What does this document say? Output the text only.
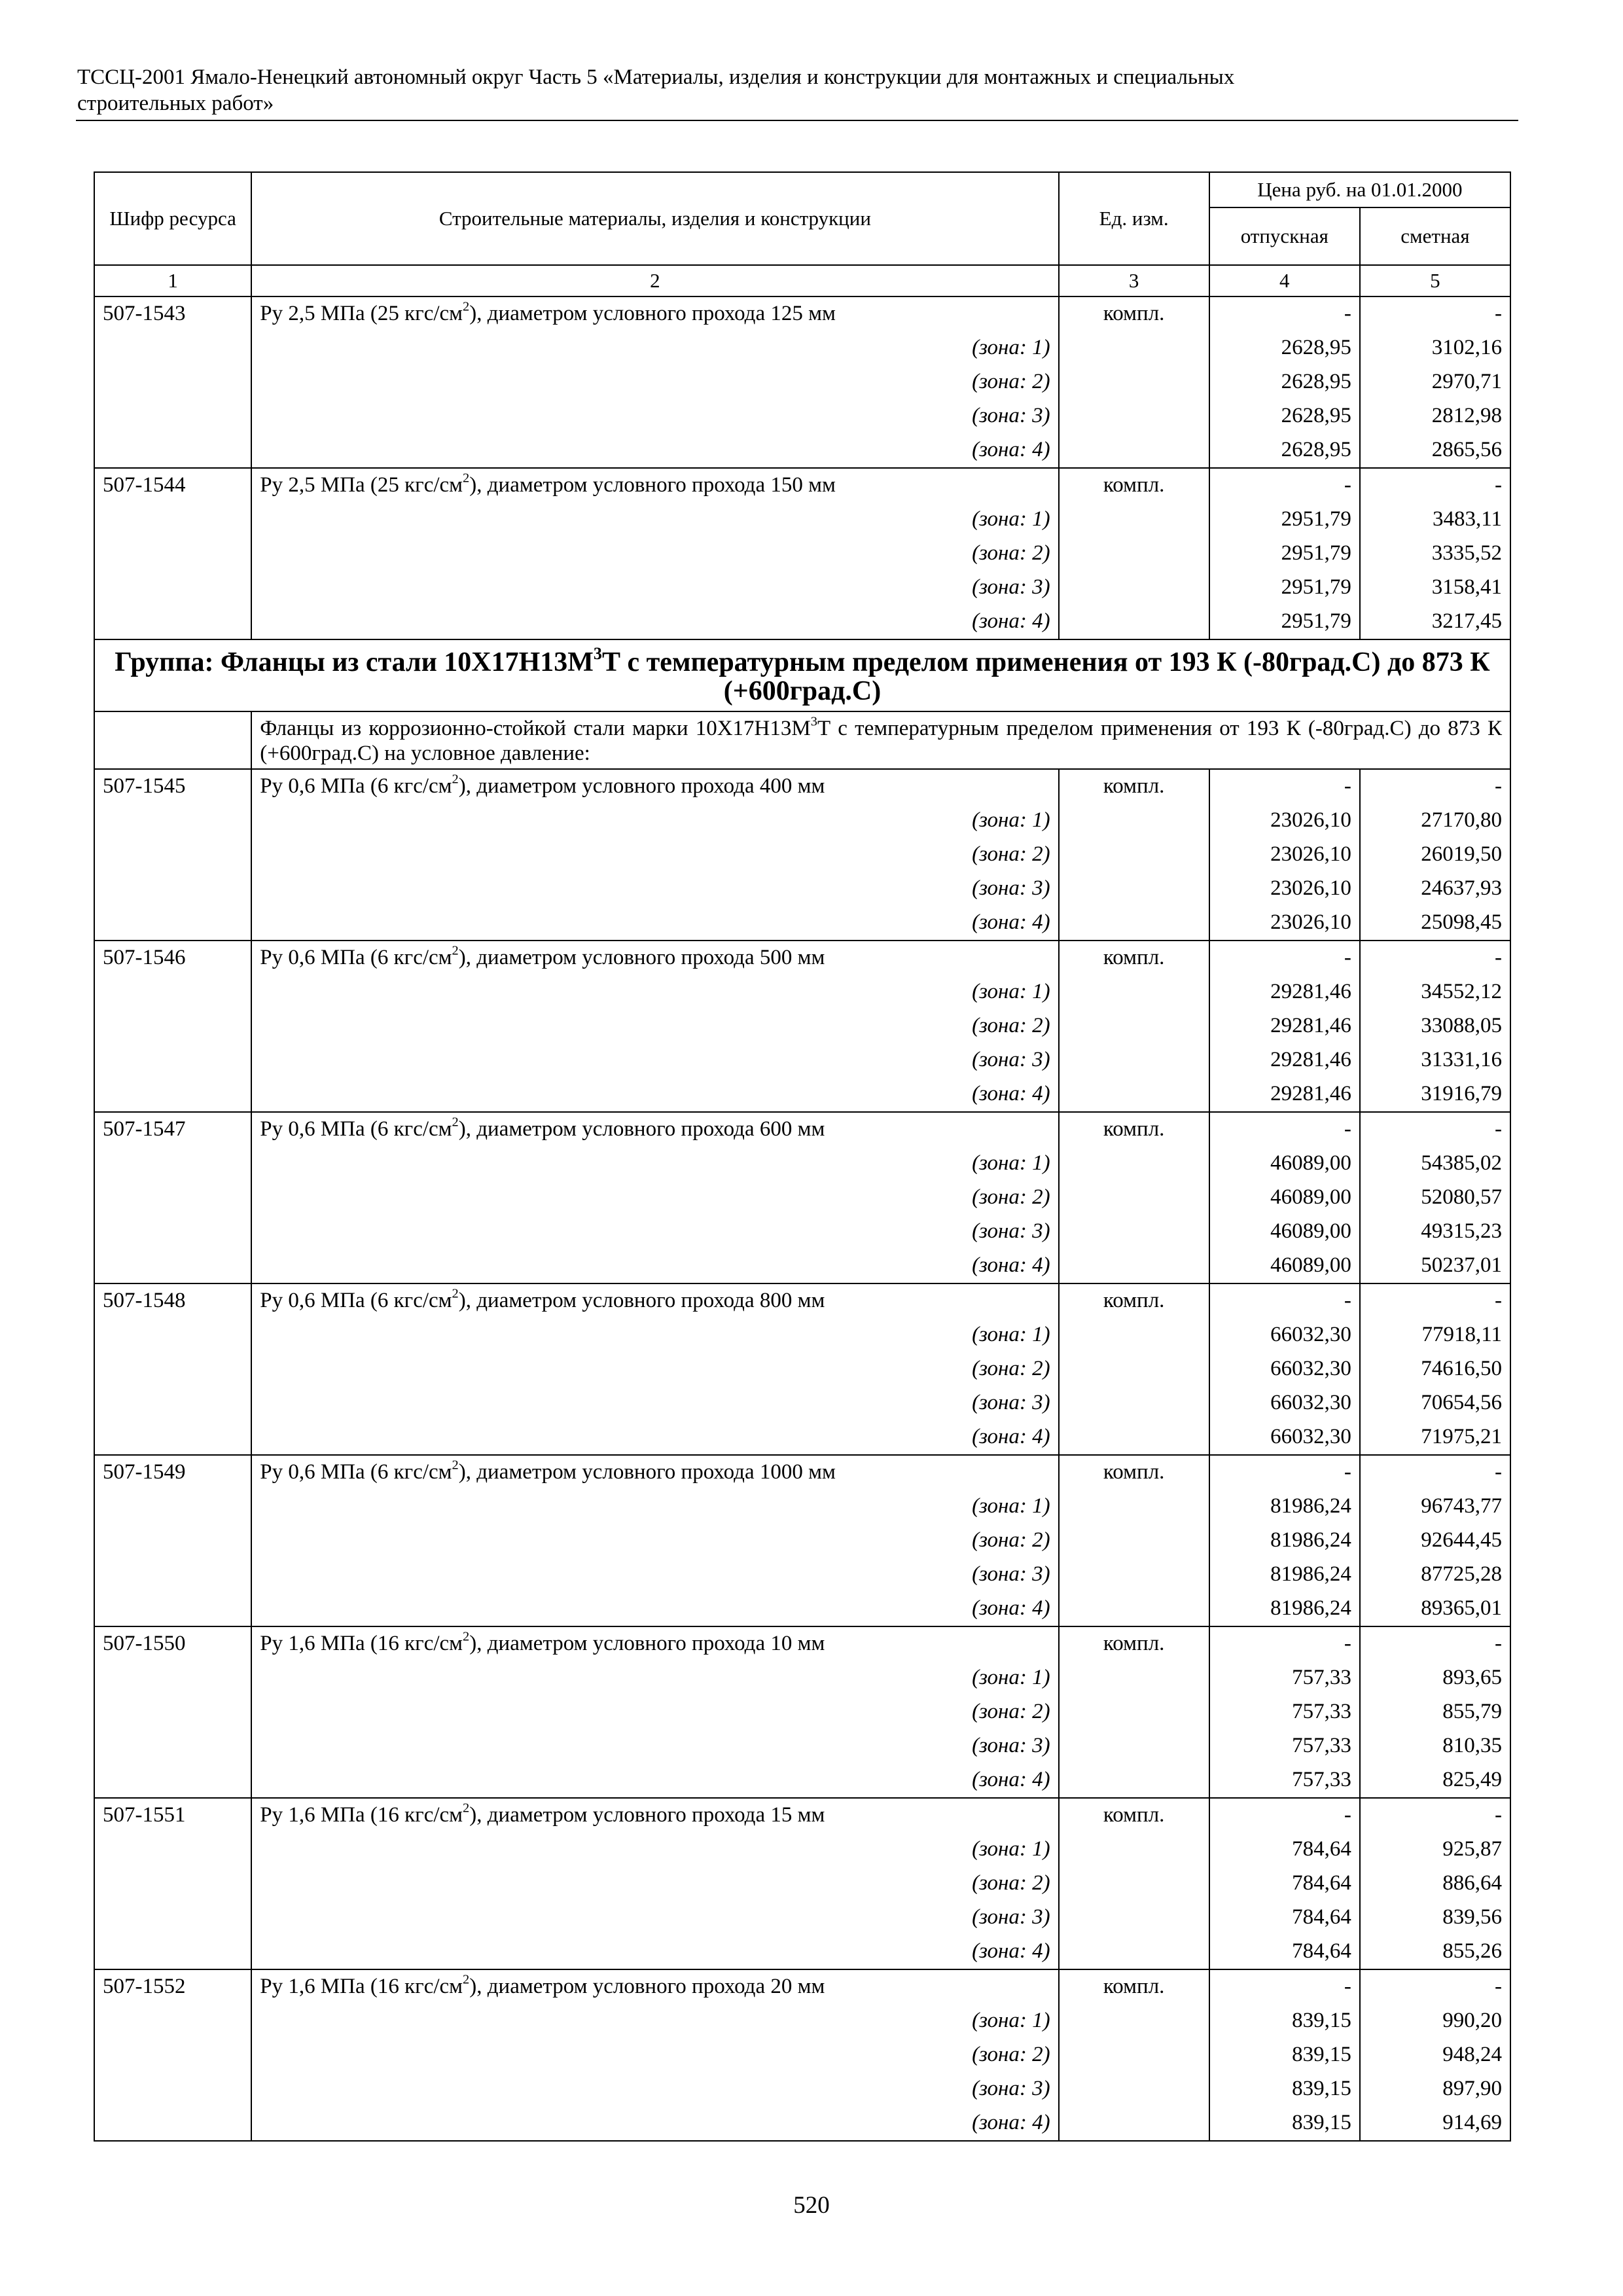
ТССЦ-2001 Ямало-Ненецкий автономный округ Часть 5 «Материалы, изделия и конструкции для монтажных и специальных
строительных работ»
Шифр ресурса	Строительные материалы, изделия и конструкции	Ед. изм.	Цена руб. на 01.01.2000	
			отпускная	сметная
1	2	3	4	5
507-1543	Ру 2,5 МПа (25 кгс/$см^2$), диаметром условного прохода 125 мм	компл.	-	-
	(зона: 1)		2628,95	3102,16
	(зона: 2)		2628,95	2970,71
	(зона: 3)		2628,95	2812,98
	(зона: 4)		2628,95	2865,56
507-1544	Ру 2,5 МПа (25 кгс/$см^2$), диаметром условного прохода 150 мм	компл.	-	-
	(зона: 1)		2951,79	3483,11
	(зона: 2)		2951,79	3335,52
	(зона: 3)		2951,79	3158,41
	(зона: 4)		2951,79	3217,45
Группа: Фланцы из стали $10Х17Н13М^3Т$ с температурным пределом применения от 193 К (-80град.С) до 873 К (+600град.С)				
	Фланцы из коррозионно-стойкой стали марки $10Х17Н13М^3Т$ с температурным пределом применения от 193 К (-80град.С) до 873 К (+600град.С) на условное давление:			
507-1545	Ру 0,6 МПа (6 кгс/$см^2$), диаметром условного прохода 400 мм	компл.	-	-
	(зона: 1)		23026,10	27170,80
	(зона: 2)		23026,10	26019,50
	(зона: 3)		23026,10	24637,93
	(зона: 4)		23026,10	25098,45
507-1546	Ру 0,6 МПа (6 кгс/$см^2$), диаметром условного прохода 500 мм	компл.	-	-
	(зона: 1)		29281,46	34552,12
	(зона: 2)		29281,46	33088,05
	(зона: 3)		29281,46	31331,16
	(зона: 4)		29281,46	31916,79
507-1547	Ру 0,6 МПа (6 кгс/$см^2$), диаметром условного прохода 600 мм	компл.	-	-
	(зона: 1)		46089,00	54385,02
	(зона: 2)		46089,00	52080,57
	(зона: 3)		46089,00	49315,23
	(зона: 4)		46089,00	50237,01
507-1548	Ру 0,6 МПа (6 кгс/$см^2$), диаметром условного прохода 800 мм	компл.	-	-
	(зона: 1)		66032,30	77918,11
	(зона: 2)		66032,30	74616,50
	(зона: 3)		66032,30	70654,56
	(зона: 4)		66032,30	71975,21
507-1549	Ру 0,6 МПа (6 кгс/$см^2$), диаметром условного прохода 1000 мм	компл.	-	-
	(зона: 1)		81986,24	96743,77
	(зона: 2)		81986,24	92644,45
	(зона: 3)		81986,24	87725,28
	(зона: 4)		81986,24	89365,01
507-1550	Ру 1,6 МПа (16 кгс/$см^2$), диаметром условного прохода 10 мм	компл.	-	-
	(зона: 1)		757,33	893,65
	(зона: 2)		757,33	855,79
	(зона: 3)		757,33	810,35
	(зона: 4)		757,33	825,49
507-1551	Ру 1,6 МПа (16 кгс/$см^2$), диаметром условного прохода 15 мм	компл.	-	-
	(зона: 1)		784,64	925,87
	(зона: 2)		784,64	886,64
	(зона: 3)		784,64	839,56
	(зона: 4)		784,64	855,26
507-1552	Ру 1,6 МПа (16 кгс/$см^2$), диаметром условного прохода 20 мм	компл.	-	-
	(зона: 1)		839,15	990,20
	(зона: 2)		839,15	948,24
	(зона: 3)		839,15	897,90
	(зона: 4)		839,15	914,69
520
